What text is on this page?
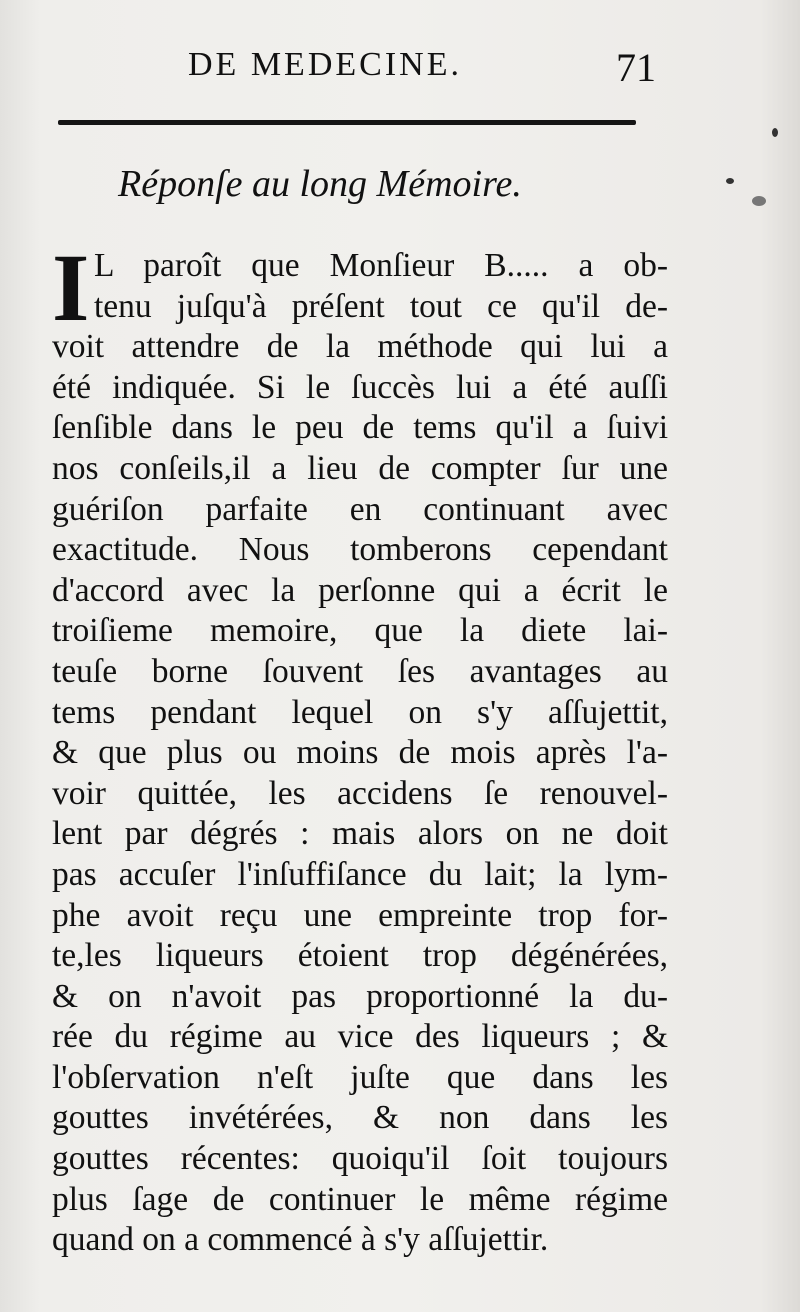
DE MEDECINE.	71
Réponſe au long Mémoire.
I L paroît que Monſieur B..... a ob-
tenu juſqu'à préſent tout ce qu'il de-
voit attendre de la méthode qui lui a
été indiquée. Si le ſuccès lui a été auſſi
ſenſible dans le peu de tems qu'il a ſuivi
nos conſeils,il a lieu de compter ſur une
guériſon parfaite en continuant avec
exactitude. Nous tomberons cependant
d'accord avec la perſonne qui a écrit le
troiſieme memoire, que la diete lai-
teuſe borne ſouvent ſes avantages au
tems pendant lequel on s'y aſſujettit,
& que plus ou moins de mois après l'a-
voir quittée, les accidens ſe renouvel-
lent par dégrés : mais alors on ne doit
pas accuſer l'inſuffiſance du lait; la lym-
phe avoit reçu une empreinte trop for-
te,les liqueurs étoient trop dégénérées,
& on n'avoit pas proportionné la du-
rée du régime au vice des liqueurs ; &
l'obſervation n'eſt juſte que dans les
gouttes invétérées, & non dans les
gouttes récentes: quoiqu'il ſoit toujours
plus ſage de continuer le même régime
quand on a commencé à s'y aſſujettir.
